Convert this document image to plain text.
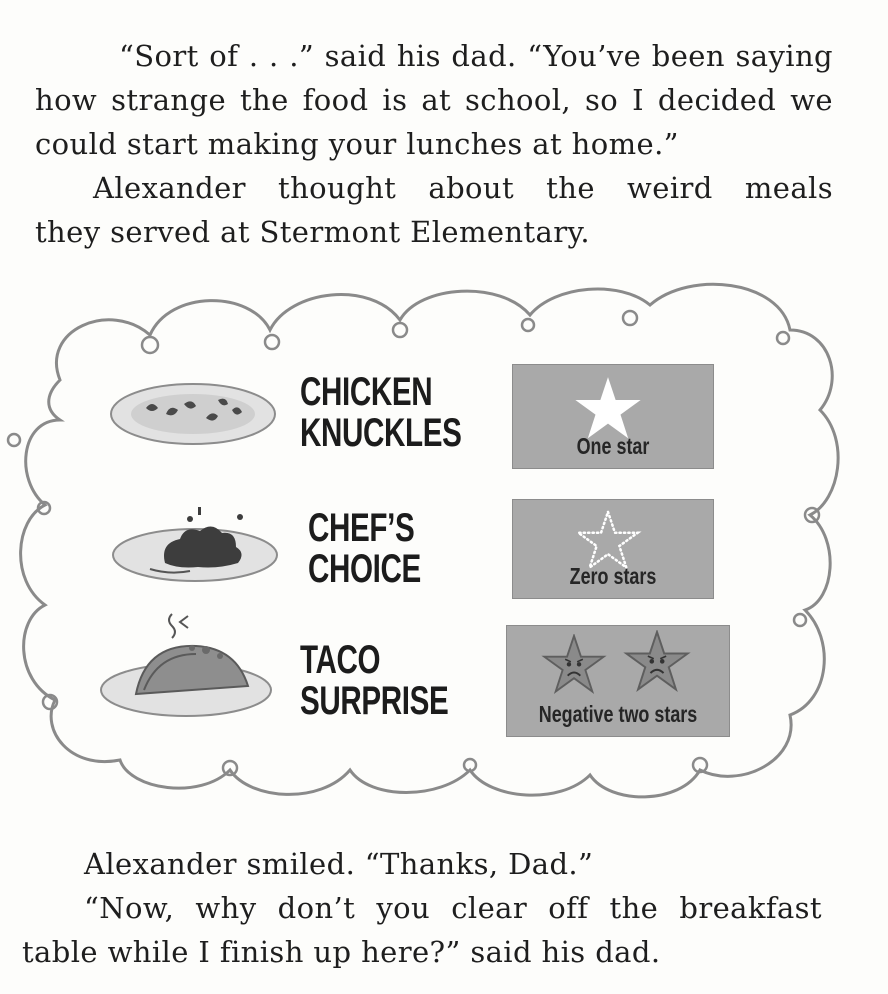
“Sort of . . .” said his dad. “You’ve been saying
how strange the food is at school, so I decided we
could start making your lunches at home.”
Alexander thought about the weird meals
they served at Stermont Elementary.
CHICKEN
KNUCKLES
CHEF’S
CHOICE
TACO
SURPRISE

One star

Zero stars

Negative two stars

Alexander smiled. “Thanks, Dad.”
“Now, why don’t you clear off the breakfast
table while I finish up here?” said his dad.
